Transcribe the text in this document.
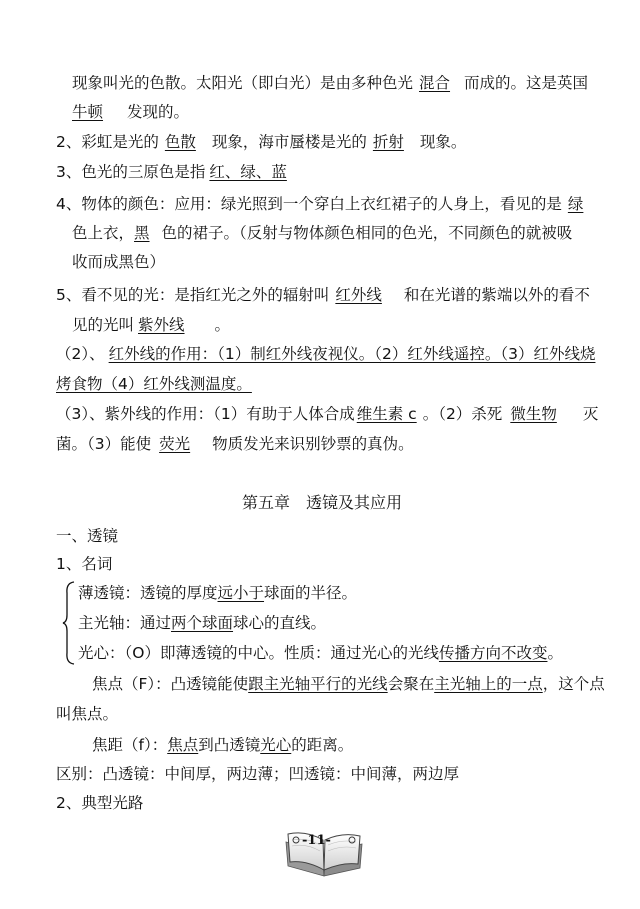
现象叫光的色散。太阳光（即白光）是由多种色光 混合 而成的。这是英国
牛顿 发现的。
2、彩虹是光的 色散 现象，海市蜃楼是光的 折射 现象。
3、色光的三原色是指 红、绿、蓝
4、物体的颜色：应用：绿光照到一个穿白上衣红裙子的人身上，看见的是 绿
色上衣，黑 色的裙子。（反射与物体颜色相同的色光，不同颜色的就被吸
收而成黑色）
5、看不见的光：是指红光之外的辐射叫 红外线 和在光谱的紫端以外的看不
见的光叫 紫外线 。
（2）、 红外线的作用：（1）制红外线夜视仪。（2）红外线遥控。（3）红外线烧
烤食物（4）红外线测温度。
（3）、紫外线的作用：（1）有助于人体合成 维生素 c 。（2）杀死 微生物 灭
菌。（3）能使 荧光 物质发光来识别钞票的真伪。
第五章　透镜及其应用
一、透镜
1、名词
薄透镜：透镜的厚度远小于球面的半径。
主光轴：通过两个球面球心的直线。
光心：（O）即薄透镜的中心。性质：通过光心的光线传播方向不改变。
焦点（F）：凸透镜能使跟主光轴平行的光线会聚在主光轴上的一点，这个点
叫焦点。
焦距（f）：焦点到凸透镜光心的距离。
区别：凸透镜：中间厚，两边薄；凹透镜：中间薄，两边厚
2、典型光路
-11-
